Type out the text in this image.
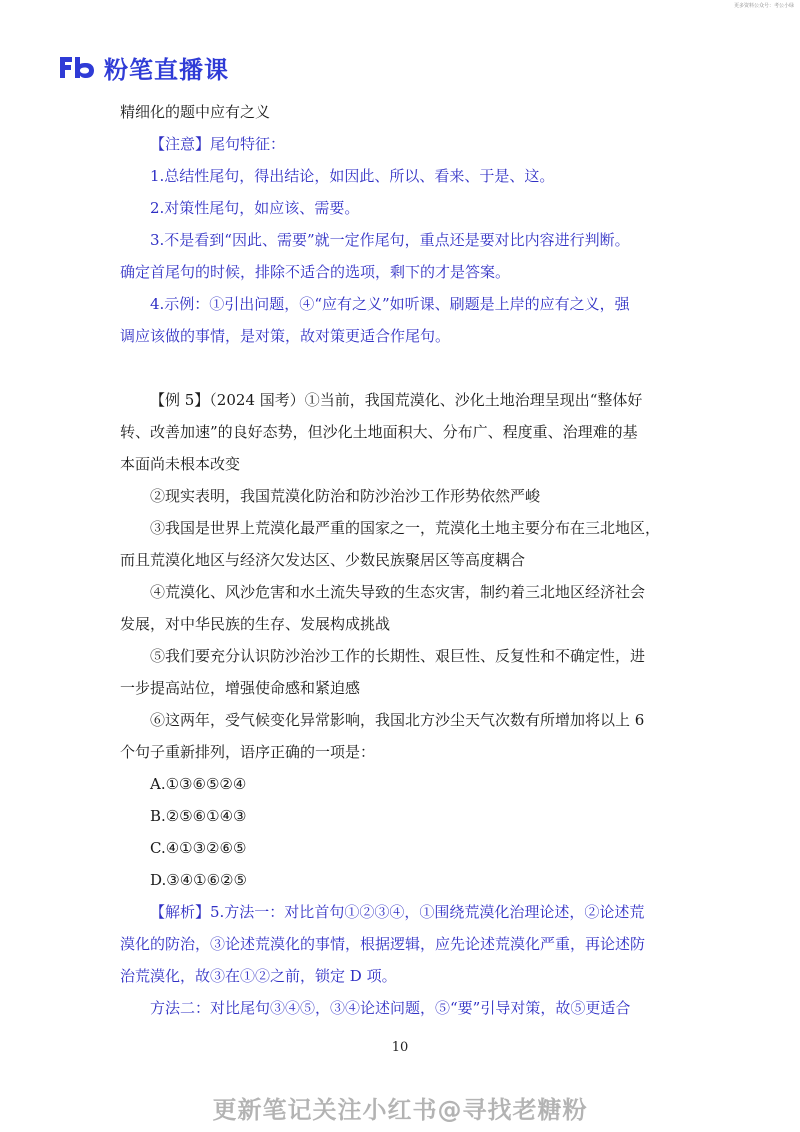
更多资料公众号：考公小绿
粉笔直播课
精细化的题中应有之义
【注意】尾句特征：
1.总结性尾句，得出结论，如因此、所以、看来、于是、这。
2.对策性尾句，如应该、需要。
3.不是看到“因此、需要”就一定作尾句，重点还是要对比内容进行判断。
确定首尾句的时候，排除不适合的选项，剩下的才是答案。
4.示例：①引出问题，④“应有之义”如听课、刷题是上岸的应有之义，强
调应该做的事情，是对策，故对策更适合作尾句。
【例 5】（2024 国考）①当前，我国荒漠化、沙化土地治理呈现出“整体好
转、改善加速”的良好态势，但沙化土地面积大、分布广、程度重、治理难的基
本面尚未根本改变
②现实表明，我国荒漠化防治和防沙治沙工作形势依然严峻
③我国是世界上荒漠化最严重的国家之一，荒漠化土地主要分布在三北地区，
而且荒漠化地区与经济欠发达区、少数民族聚居区等高度耦合
④荒漠化、风沙危害和水土流失导致的生态灾害，制约着三北地区经济社会
发展，对中华民族的生存、发展构成挑战
⑤我们要充分认识防沙治沙工作的长期性、艰巨性、反复性和不确定性，进
一步提高站位，增强使命感和紧迫感
⑥这两年，受气候变化异常影响，我国北方沙尘天气次数有所增加将以上 6
个句子重新排列，语序正确的一项是：
A.①③⑥⑤②④
B.②⑤⑥①④③
C.④①③②⑥⑤
D.③④①⑥②⑤
【解析】5.方法一：对比首句①②③④，①围绕荒漠化治理论述，②论述荒
漠化的防治，③论述荒漠化的事情，根据逻辑，应先论述荒漠化严重，再论述防
治荒漠化，故③在①②之前，锁定 D 项。
方法二：对比尾句③④⑤，③④论述问题，⑤“要”引导对策，故⑤更适合
10
更新笔记关注小红书@寻找老糖粉
